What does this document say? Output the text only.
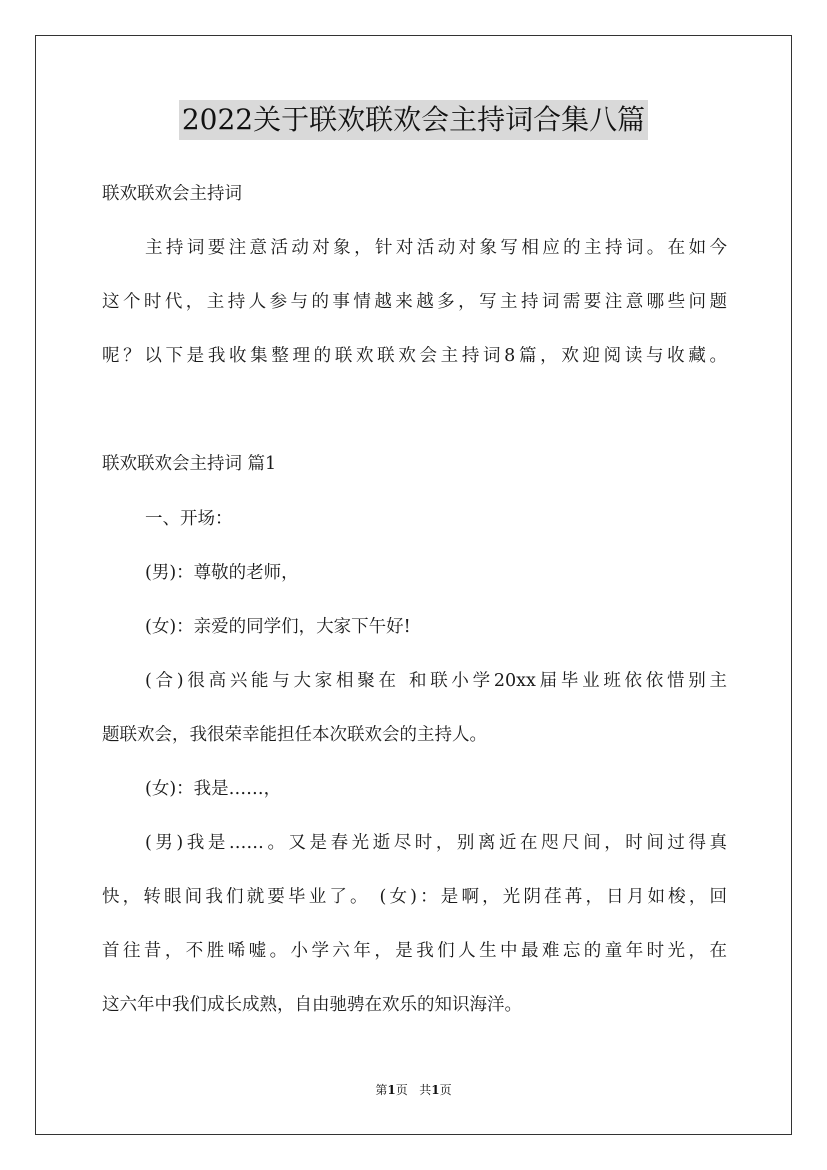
2022关于联欢联欢会主持词合集八篇
联欢联欢会主持词
主持词要注意活动对象，针对活动对象写相应的主持词。在如今
这个时代，主持人参与的事情越来越多，写主持词需要注意哪些问题
呢？以下是我收集整理的联欢联欢会主持词8篇，欢迎阅读与收藏。
联欢联欢会主持词 篇1
一、开场：
(男)：尊敬的老师，
(女)：亲爱的同学们，大家下午好!
(合)很高兴能与大家相聚在 和联小学20xx届毕业班依依惜别主
题联欢会，我很荣幸能担任本次联欢会的主持人。
(女)：我是……，
(男)我是……。又是春光逝尽时，别离近在咫尺间，时间过得真
快，转眼间我们就要毕业了。 (女)：是啊，光阴荏苒，日月如梭，回
首往昔，不胜唏嘘。小学六年，是我们人生中最难忘的童年时光，在
这六年中我们成长成熟，自由驰骋在欢乐的知识海洋。
第1页 共1页
